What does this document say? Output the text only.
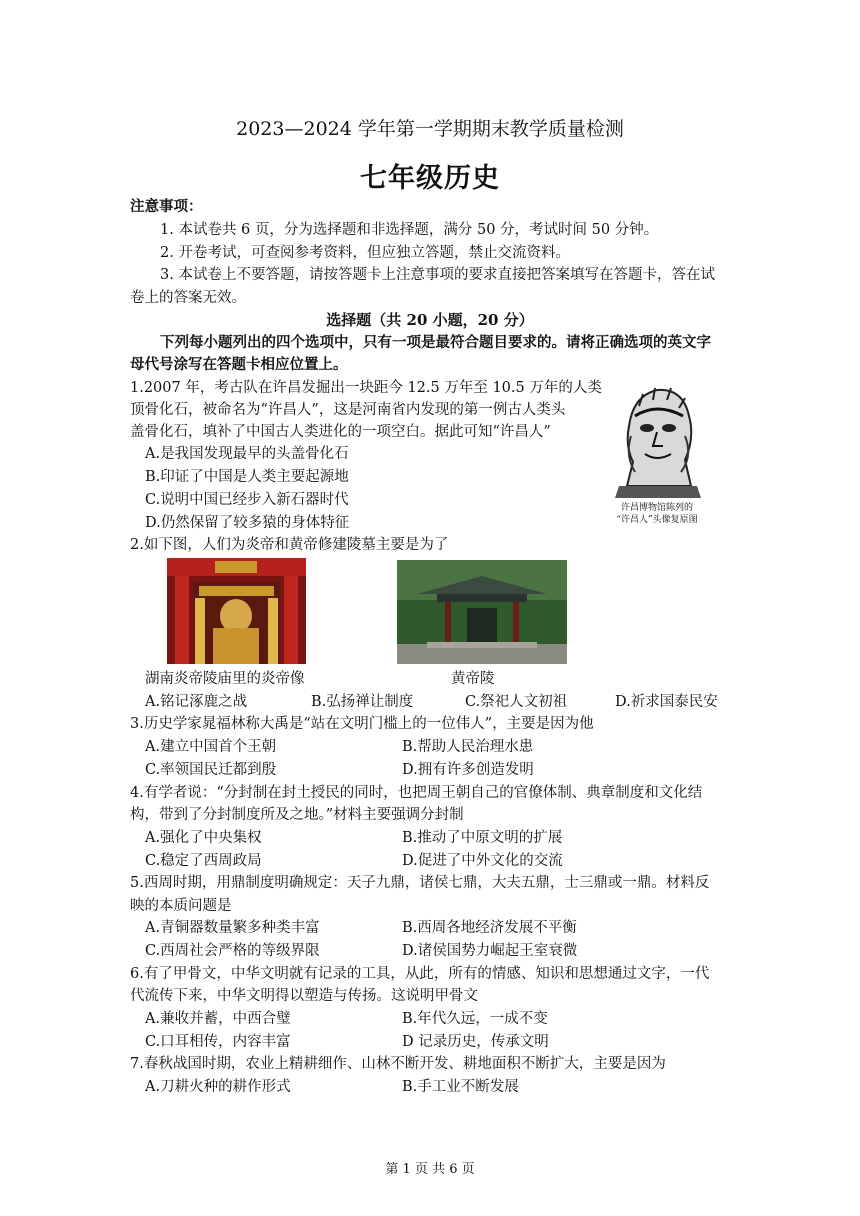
2023—2024 学年第一学期期末教学质量检测
七年级历史
注意事项：
1. 本试卷共 6 页，分为选择题和非选择题，满分 50 分，考试时间 50 分钟。
2. 开卷考试，可查阅参考资料，但应独立答题，禁止交流资料。
3. 本试卷上不要答题，请按答题卡上注意事项的要求直接把答案填写在答题卡，答在试
卷上的答案无效。
选择题（共 20 小题，20 分）
下列每小题列出的四个选项中，只有一项是最符合题目要求的。请将正确选项的英文字
母代号涂写在答题卡相应位置上。
1.2007 年，考古队在许昌发掘出一块距今 12.5 万年至 10.5 万年的人类
顶骨化石，被命名为“许昌人”，这是河南省内发现的第一例古人类头
盖骨化石，填补了中国古人类进化的一项空白。据此可知“许昌人”
A.是我国发现最早的头盖骨化石
B.印证了中国是人类主要起源地
C.说明中国已经步入新石器时代
D.仍然保留了较多猿的身体特征
许昌博物馆陈列的
“许昌人”头像复原图
2.如下图，人们为炎帝和黄帝修建陵墓主要是为了
湖南炎帝陵庙里的炎帝像	黄帝陵
A.铭记涿鹿之战	B.弘扬禅让制度	C.祭祀人文初祖	D.祈求国泰民安
3.历史学家晁福林称大禹是“站在文明门槛上的一位伟人”，主要是因为他
A.建立中国首个王朝	B.帮助人民治理水患
C.率领国民迁都到殷	D.拥有许多创造发明
4.有学者说：“分封制在封土授民的同时，也把周王朝自己的官僚体制、典章制度和文化结
构，带到了分封制度所及之地。”材料主要强调分封制
A.强化了中央集权	B.推动了中原文明的扩展
C.稳定了西周政局	D.促进了中外文化的交流
5.西周时期，用鼎制度明确规定：天子九鼎，诸侯七鼎，大夫五鼎，士三鼎或一鼎。材料反
映的本质问题是
A.青铜器数量繁多种类丰富	B.西周各地经济发展不平衡
C.西周社会严格的等级界限	D.诸侯国势力崛起王室衰微
6.有了甲骨文，中华文明就有记录的工具，从此，所有的情感、知识和思想通过文字，一代
代流传下来，中华文明得以塑造与传扬。这说明甲骨文
A.兼收并蓄，中西合璧	B.年代久远，一成不变
C.口耳相传，内容丰富	D 记录历史，传承文明
7.春秋战国时期，农业上精耕细作、山林不断开发、耕地面积不断扩大，主要是因为
A.刀耕火种的耕作形式	B.手工业不断发展
第 1 页 共 6 页
